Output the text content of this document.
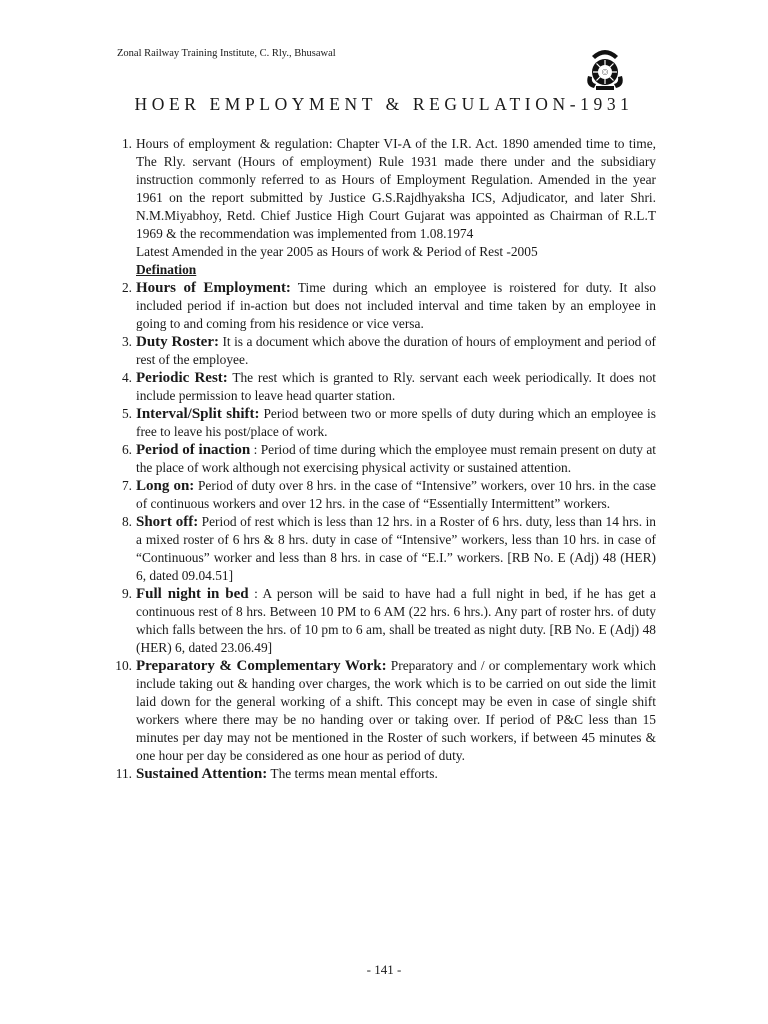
Zonal Railway Training Institute, C. Rly., Bhusawal
HOER EMPLOYMENT & REGULATION-1931
1. Hours of employment & regulation: Chapter VI-A of the I.R. Act. 1890 amended time to time, The Rly. servant (Hours of employment) Rule 1931 made there under and the subsidiary instruction commonly referred to as Hours of Employment Regulation. Amended in the year 1961 on the report submitted by Justice G.S.Rajdhyaksha ICS, Adjudicator, and later Shri. N.M.Miyabhoy, Retd. Chief Justice High Court Gujarat was appointed as Chairman of R.L.T 1969 & the recommendation was implemented from 1.08.1974
Latest Amended in the year 2005 as Hours of work & Period of Rest -2005
Defination
2. Hours of Employment: Time during which an employee is roistered for duty. It also included period if in-action but does not included interval and time taken by an employee in going to and coming from his residence or vice versa.
3. Duty Roster: It is a document which above the duration of hours of employment and period of rest of the employee.
4. Periodic Rest: The rest which is granted to Rly. servant each week periodically. It does not include permission to leave head quarter station.
5. Interval/Split shift: Period between two or more spells of duty during which an employee is free to leave his post/place of work.
6. Period of inaction : Period of time during which the employee must remain present on duty at the place of work although not exercising physical activity or sustained attention.
7. Long on: Period of duty over 8 hrs. in the case of “Intensive” workers, over 10 hrs. in the case of continuous workers and over 12 hrs. in the case of “Essentially Intermittent” workers.
8. Short off: Period of rest which is less than 12 hrs. in a Roster of 6 hrs. duty, less than 14 hrs. in a mixed roster of 6 hrs & 8 hrs. duty in case of “Intensive” workers, less than 10 hrs. in case of “Continuous” worker and less than 8 hrs. in case of “E.I.” workers. [RB No. E (Adj) 48 (HER) 6, dated 09.04.51]
9. Full night in bed : A person will be said to have had a full night in bed, if he has get a continuous rest of 8 hrs. Between 10 PM to 6 AM (22 hrs. 6 hrs.). Any part of roster hrs. of duty which falls between the hrs. of 10 pm to 6 am, shall be treated as night duty. [RB No. E (Adj) 48 (HER) 6, dated 23.06.49]
10. Preparatory & Complementary Work: Preparatory and / or complementary work which include taking out & handing over charges, the work which is to be carried on out side the limit laid down for the general working of a shift. This concept may be even in case of single shift workers where there may be no handing over or taking over. If period of P&C less than 15 minutes per day may not be mentioned in the Roster of such workers, if between 45 minutes & one hour per day be considered as one hour as period of duty.
11. Sustained Attention: The terms mean mental efforts.
- 141 -
